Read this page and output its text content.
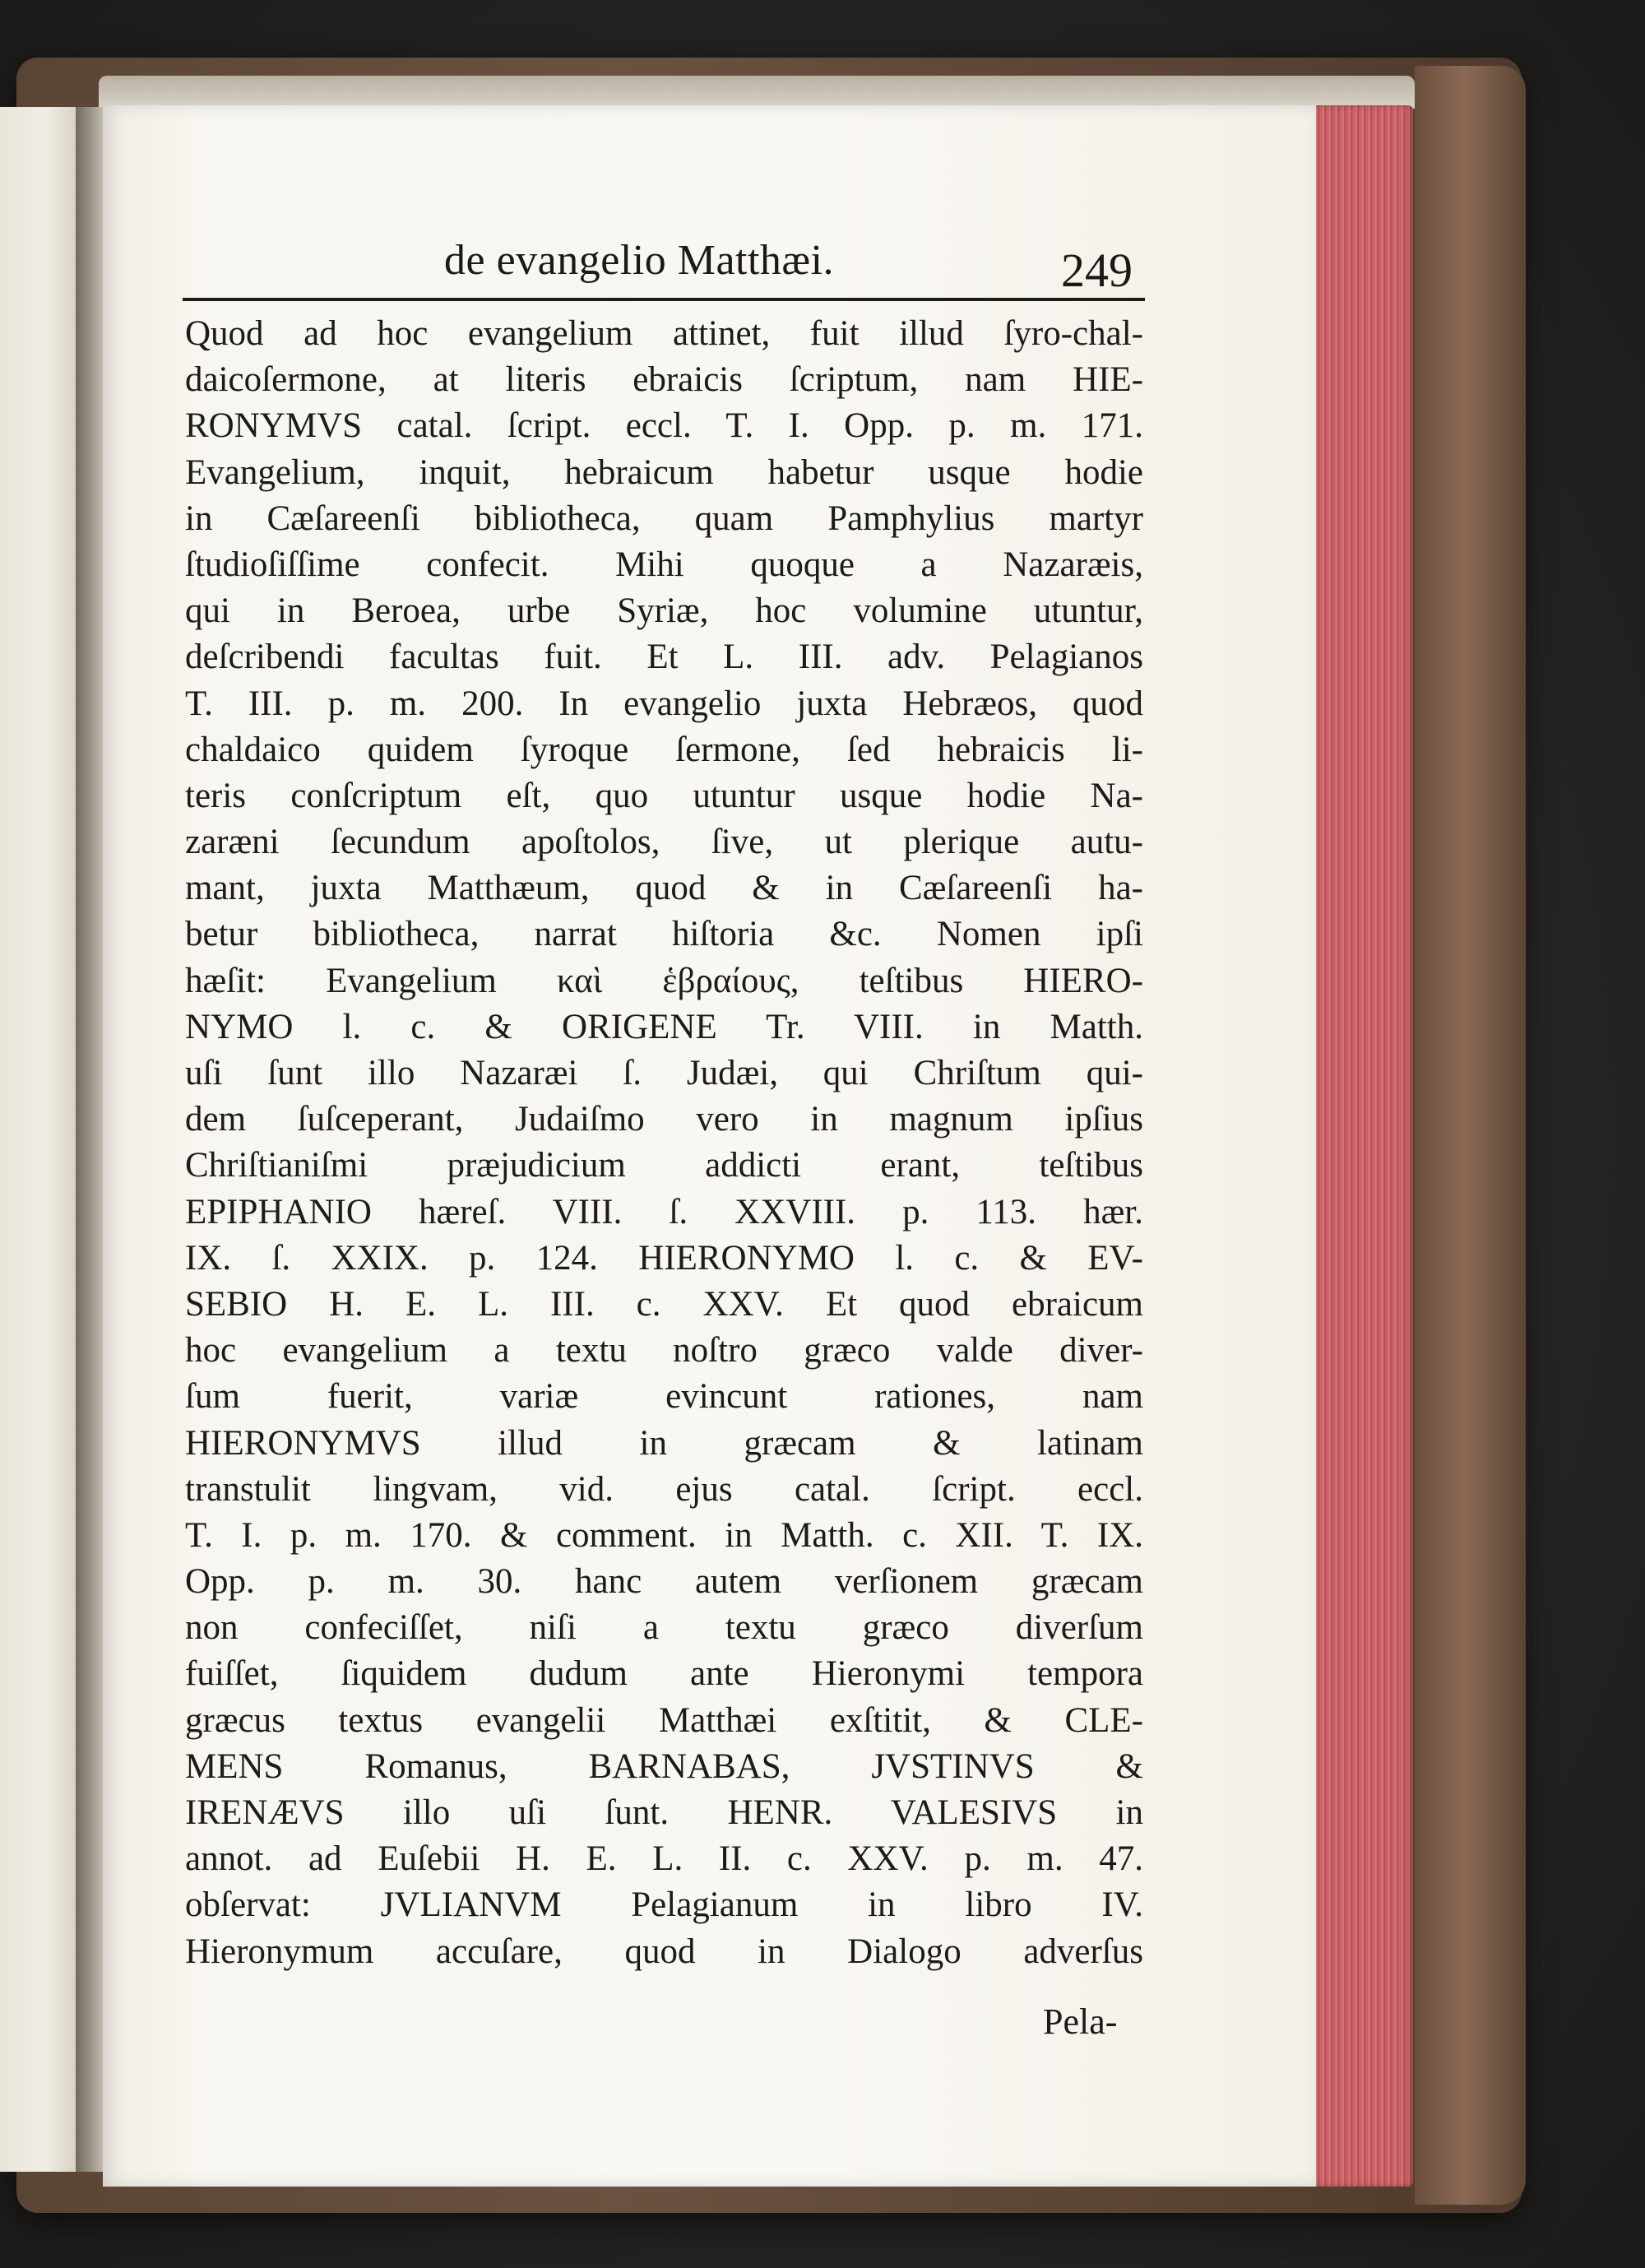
de evangelio Matthæi.	249
Quod ad hoc evangelium attinet, fuit illud ſyro-chal-
daicoſermone, at literis ebraicis ſcriptum, nam HIE-
RONYMVS catal. ſcript. eccl. T. I. Opp. p. m. 171.
Evangelium, inquit, hebraicum habetur usque hodie
in Cæſareenſi bibliotheca, quam Pamphylius martyr
ſtudioſiſſime confecit. Mihi quoque a Nazaræis,
qui in Beroea, urbe Syriæ, hoc volumine utuntur,
deſcribendi facultas fuit. Et L. III. adv. Pelagianos
T. III. p. m. 200. In evangelio juxta Hebræos, quod
chaldaico quidem ſyroque ſermone, ſed hebraicis li-
teris conſcriptum eſt, quo utuntur usque hodie Na-
zaræni ſecundum apoſtolos, ſive, ut plerique autu-
mant, juxta Matthæum, quod & in Cæſareenſi ha-
betur bibliotheca, narrat hiſtoria &c. Nomen ipſi
hæſit: Evangelium καὶ ἑβραίους, teſtibus HIERO-
NYMO l. c. & ORIGENE Tr. VIII. in Matth.
uſi ſunt illo Nazaræi ſ. Judæi, qui Chriſtum qui-
dem ſuſceperant, Judaiſmo vero in magnum ipſius
Chriſtianiſmi præjudicium addicti erant, teſtibus
EPIPHANIO hæreſ. VIII. ſ. XXVIII. p. 113. hær.
IX. ſ. XXIX. p. 124. HIERONYMO l. c. & EV-
SEBIO H. E. L. III. c. XXV. Et quod ebraicum
hoc evangelium a textu noſtro græco valde diver-
ſum fuerit, variæ evincunt rationes, nam
HIERONYMVS illud in græcam & latinam
transtulit lingvam, vid. ejus catal. ſcript. eccl.
T. I. p. m. 170. & comment. in Matth. c. XII. T. IX.
Opp. p. m. 30. hanc autem verſionem græcam
non confeciſſet, niſi a textu græco diverſum
fuiſſet, ſiquidem dudum ante Hieronymi tempora
græcus textus evangelii Matthæi exſtitit, & CLE-
MENS Romanus, BARNABAS, JVSTINVS &
IRENÆVS illo uſi ſunt. HENR. VALESIVS in
annot. ad Euſebii H. E. L. II. c. XXV. p. m. 47.
obſervat: JVLIANVM Pelagianum in libro IV.
Hieronymum accuſare, quod in Dialogo adverſus
Pela-
